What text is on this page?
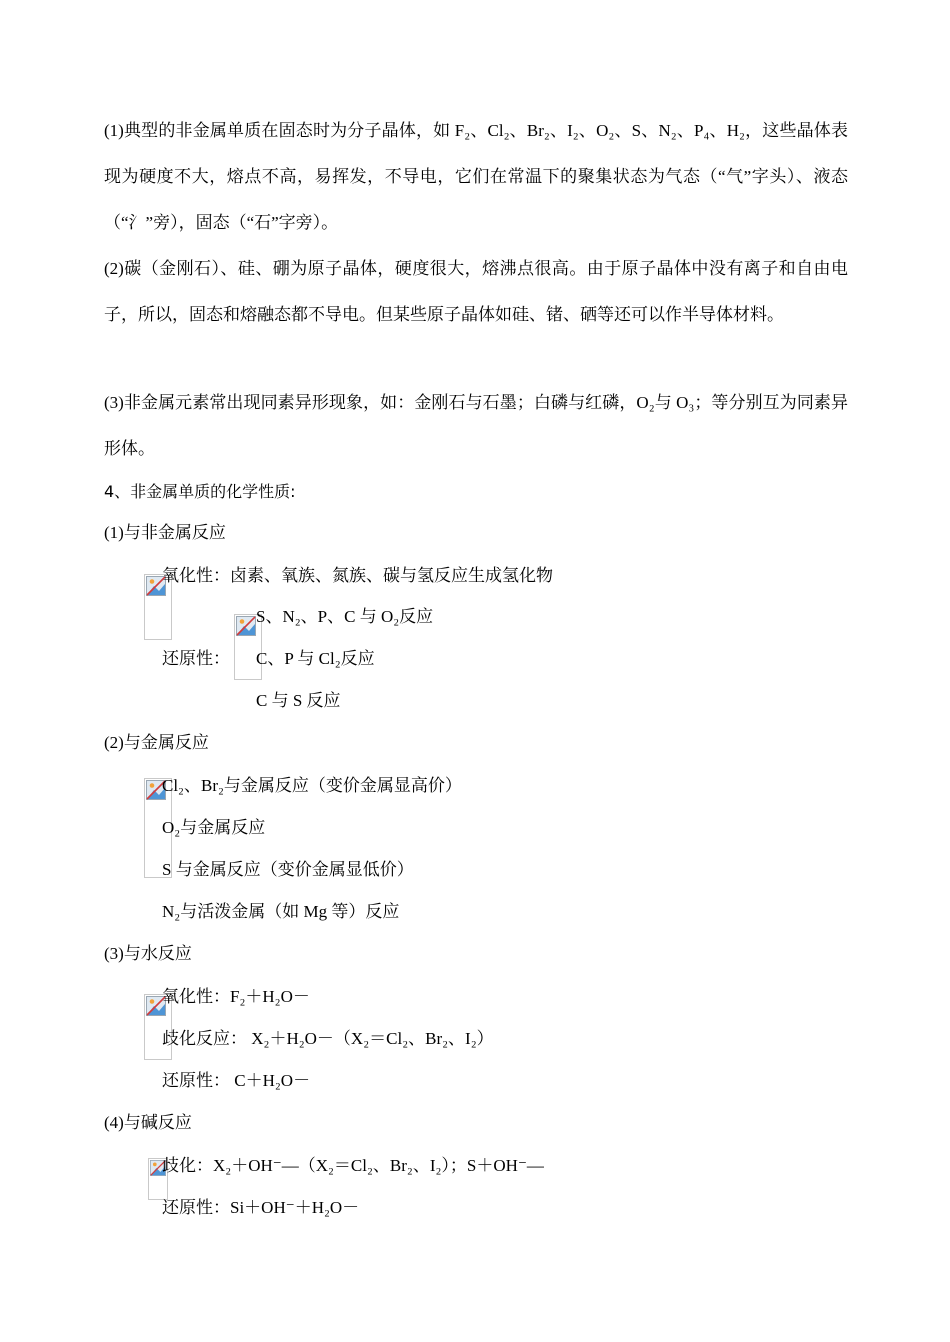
(1)典型的非金属单质在固态时为分子晶体，如 F₂、Cl₂、Br₂、I₂、O₂、S、N₂、P₄、H₂，这些晶体表现为硬度不大，熔点不高，易挥发，不导电，它们在常温下的聚集状态为气态（“气”字头）、液态（“氵”旁），固态（“石”字旁）。
(2)碳（金刚石）、硅、硼为原子晶体，硬度很大，熔沸点很高。由于原子晶体中没有离子和自由电子，所以，固态和熔融态都不导电。但某些原子晶体如硅、锗、硒等还可以作半导体材料。
(3)非金属元素常出现同素异形现象，如：金刚石与石墨；白磷与红磷，O₂与 O₃；等分别互为同素异形体。
4、非金属单质的化学性质:
(1)与非金属反应
氧化性：卤素、氧族、氮族、碳与氢反应生成氢化物
S、N₂、P、C 与 O₂反应
还原性： C、P 与 Cl₂反应
C 与 S 反应
(2)与金属反应
Cl₂、Br₂与金属反应（变价金属显高价）
O₂与金属反应
S 与金属反应（变价金属显低价）
N₂与活泼金属（如 Mg 等）反应
(3)与水反应
氧化性：F₂＋H₂O－
歧化反应： X₂＋H₂O－（X₂＝Cl₂、Br₂、I₂）
还原性： C＋H₂O－
(4)与碱反应
歧化：X₂＋OH⁻—（X₂＝Cl₂、Br₂、I₂）；S＋OH⁻—
还原性：Si＋OH⁻＋H₂O－
